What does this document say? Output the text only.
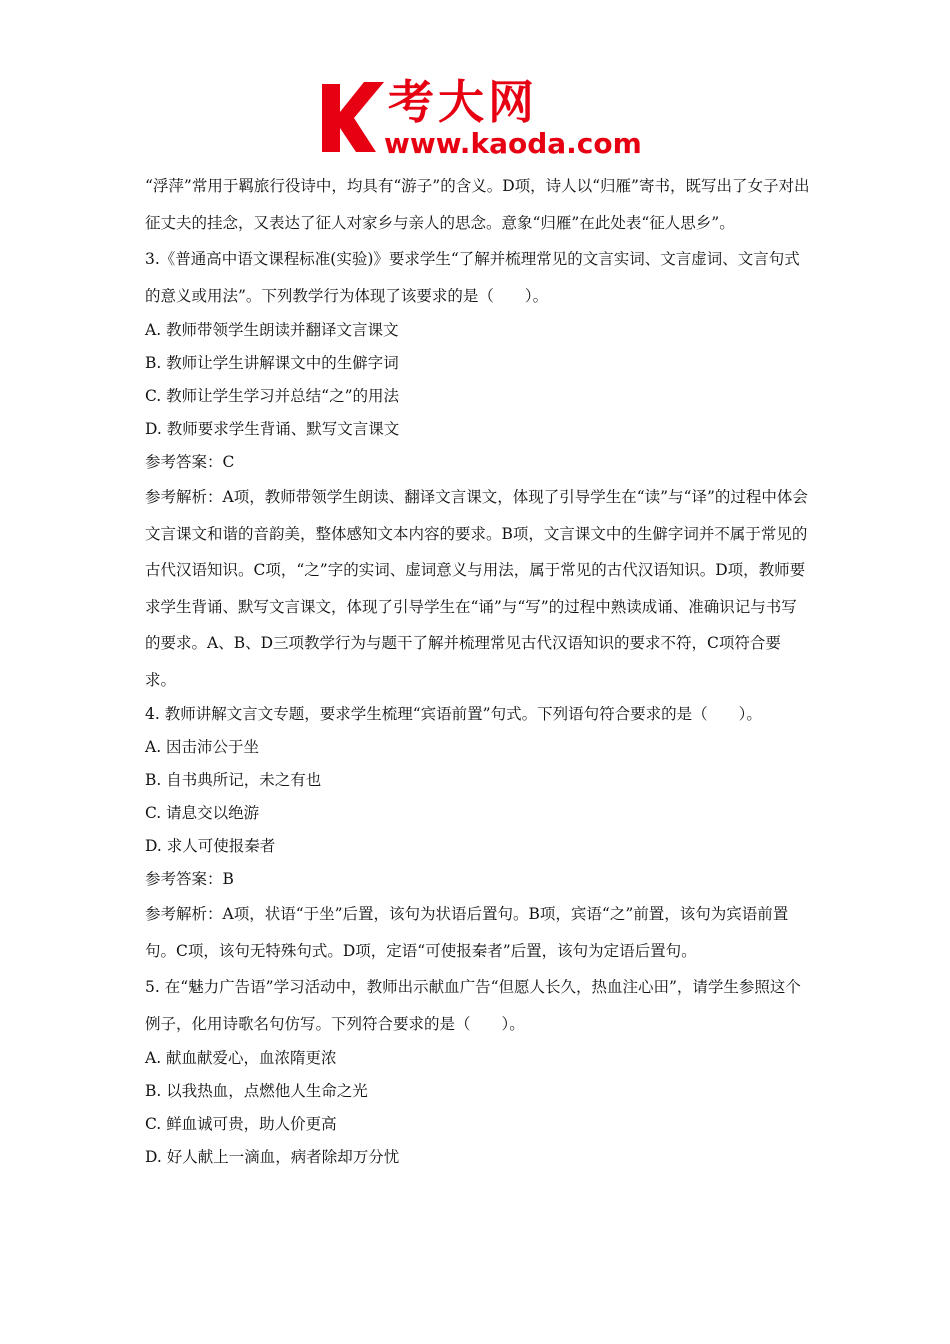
考大网
www.kaoda.com

“浮萍”常用于羁旅行役诗中，均具有“游子”的含义。D项，诗人以“归雁”寄书，既写出了女子对出征丈夫的挂念，又表达了征人对家乡与亲人的思念。意象“归雁”在此处表“征人思乡”。

3.《普通高中语文课程标准(实验)》要求学生“了解并梳理常见的文言实词、文言虚词、文言句式的意义或用法”。下列教学行为体现了该要求的是（　　）。

A. 教师带领学生朗读并翻译文言课文

B. 教师让学生讲解课文中的生僻字词

C. 教师让学生学习并总结“之”的用法

D. 教师要求学生背诵、默写文言课文

参考答案：C

参考解析：A项，教师带领学生朗读、翻译文言课文，体现了引导学生在“读”与“译”的过程中体会文言课文和谐的音韵美，整体感知文本内容的要求。B项，文言课文中的生僻字词并不属于常见的古代汉语知识。C项，“之”字的实词、虚词意义与用法，属于常见的古代汉语知识。D项，教师要求学生背诵、默写文言课文，体现了引导学生在“诵”与“写”的过程中熟读成诵、准确识记与书写的要求。A、B、D三项教学行为与题干了解并梳理常见古代汉语知识的要求不符，C项符合要求。

4. 教师讲解文言文专题，要求学生梳理“宾语前置”句式。下列语句符合要求的是（　　）。

A. 因击沛公于坐

B. 自书典所记，未之有也

C. 请息交以绝游

D. 求人可使报秦者

参考答案：B

参考解析：A项，状语“于坐”后置，该句为状语后置句。B项，宾语“之”前置，该句为宾语前置句。C项，该句无特殊句式。D项，定语“可使报秦者”后置，该句为定语后置句。

5. 在“魅力广告语”学习活动中，教师出示献血广告“但愿人长久，热血注心田”，请学生参照这个例子，化用诗歌名句仿写。下列符合要求的是（　　）。

A. 献血献爱心，血浓隋更浓

B. 以我热血，点燃他人生命之光

C. 鲜血诚可贵，助人价更高

D. 好人献上一滴血，病者除却万分忧
